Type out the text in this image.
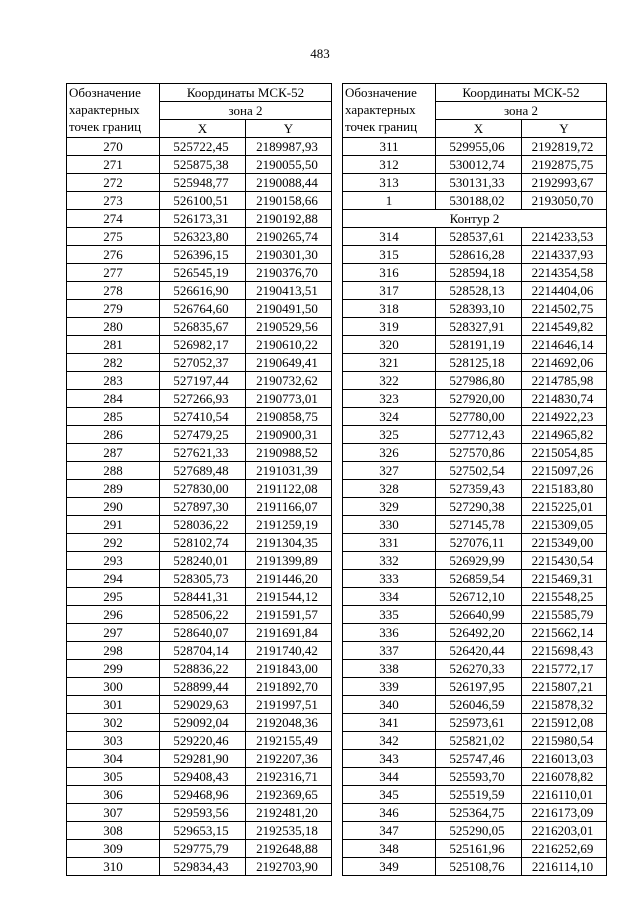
483
Обозначение
характерных
точек границ	Координаты МСК-52	
	зона 2	
	X	Y
270	525722,45	2189987,93
271	525875,38	2190055,50
272	525948,77	2190088,44
273	526100,51	2190158,66
274	526173,31	2190192,88
275	526323,80	2190265,74
276	526396,15	2190301,30
277	526545,19	2190376,70
278	526616,90	2190413,51
279	526764,60	2190491,50
280	526835,67	2190529,56
281	526982,17	2190610,22
282	527052,37	2190649,41
283	527197,44	2190732,62
284	527266,93	2190773,01
285	527410,54	2190858,75
286	527479,25	2190900,31
287	527621,33	2190988,52
288	527689,48	2191031,39
289	527830,00	2191122,08
290	527897,30	2191166,07
291	528036,22	2191259,19
292	528102,74	2191304,35
293	528240,01	2191399,89
294	528305,73	2191446,20
295	528441,31	2191544,12
296	528506,22	2191591,57
297	528640,07	2191691,84
298	528704,14	2191740,42
299	528836,22	2191843,00
300	528899,44	2191892,70
301	529029,63	2191997,51
302	529092,04	2192048,36
303	529220,46	2192155,49
304	529281,90	2192207,36
305	529408,43	2192316,71
306	529468,96	2192369,65
307	529593,56	2192481,20
308	529653,15	2192535,18
309	529775,79	2192648,88
310	529834,43	2192703,90
Обозначение
характерных
точек границ	Координаты МСК-52	
	зона 2	
	X	Y
311	529955,06	2192819,72
312	530012,74	2192875,75
313	530131,33	2192993,67
1	530188,02	2193050,70
Контур 2		
314	528537,61	2214233,53
315	528616,28	2214337,93
316	528594,18	2214354,58
317	528528,13	2214404,06
318	528393,10	2214502,75
319	528327,91	2214549,82
320	528191,19	2214646,14
321	528125,18	2214692,06
322	527986,80	2214785,98
323	527920,00	2214830,74
324	527780,00	2214922,23
325	527712,43	2214965,82
326	527570,86	2215054,85
327	527502,54	2215097,26
328	527359,43	2215183,80
329	527290,38	2215225,01
330	527145,78	2215309,05
331	527076,11	2215349,00
332	526929,99	2215430,54
333	526859,54	2215469,31
334	526712,10	2215548,25
335	526640,99	2215585,79
336	526492,20	2215662,14
337	526420,44	2215698,43
338	526270,33	2215772,17
339	526197,95	2215807,21
340	526046,59	2215878,32
341	525973,61	2215912,08
342	525821,02	2215980,54
343	525747,46	2216013,03
344	525593,70	2216078,82
345	525519,59	2216110,01
346	525364,75	2216173,09
347	525290,05	2216203,01
348	525161,96	2216252,69
349	525108,76	2216114,10
